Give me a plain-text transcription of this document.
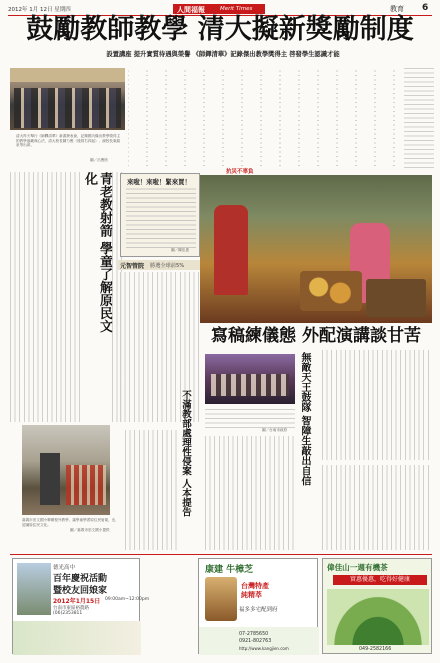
2012年 1月 12日 星期四	人間福報	Merit Times	教育 6
鼓勵教師教學 清大擬新獎勵制度
設置講座 提升實質待遇與榮譽 《師鐸清華》記錄傑出教學獎得主 啓發學生認識才能
清大昨天舉行《師鐸清華》新書發表會，記錄國內傑出教學獎得主的教學風範與心法，清大校長陳力俊（後排右四起）、副校長葉銘泉等出席。
圖／呂俊欣
青老教射箭 學童了解原民文化
嘉義市崇文國小舉辦校外教學，讓學童學習原住民射箭，也認識原住民文化。
圖／嘉義市崇文國小提供
來啦！來啦！緊來買！
圖／陳佳惠
元智管院 勝選全球前5%
抗災不辜負
寫稿練儀態 外配演講談甘苦
圖／台南市政府	無敵天王鼓隊 智障生敲出自信
不滿教部處理性侵案 人本提告
德光高中
百年慶祝活動
暨校友回娘家
2012年1月15日 09:00am~12:00pm
台南市東區裕農路
(06)2353811
康建 牛樟芝
台灣特產
純精萃
福多多宅配到府
07-2785650
0921-802763
http://www.kangjien.com
偉佳山一週有機茶
實惠優惠，吃得好健康
049-2582166
